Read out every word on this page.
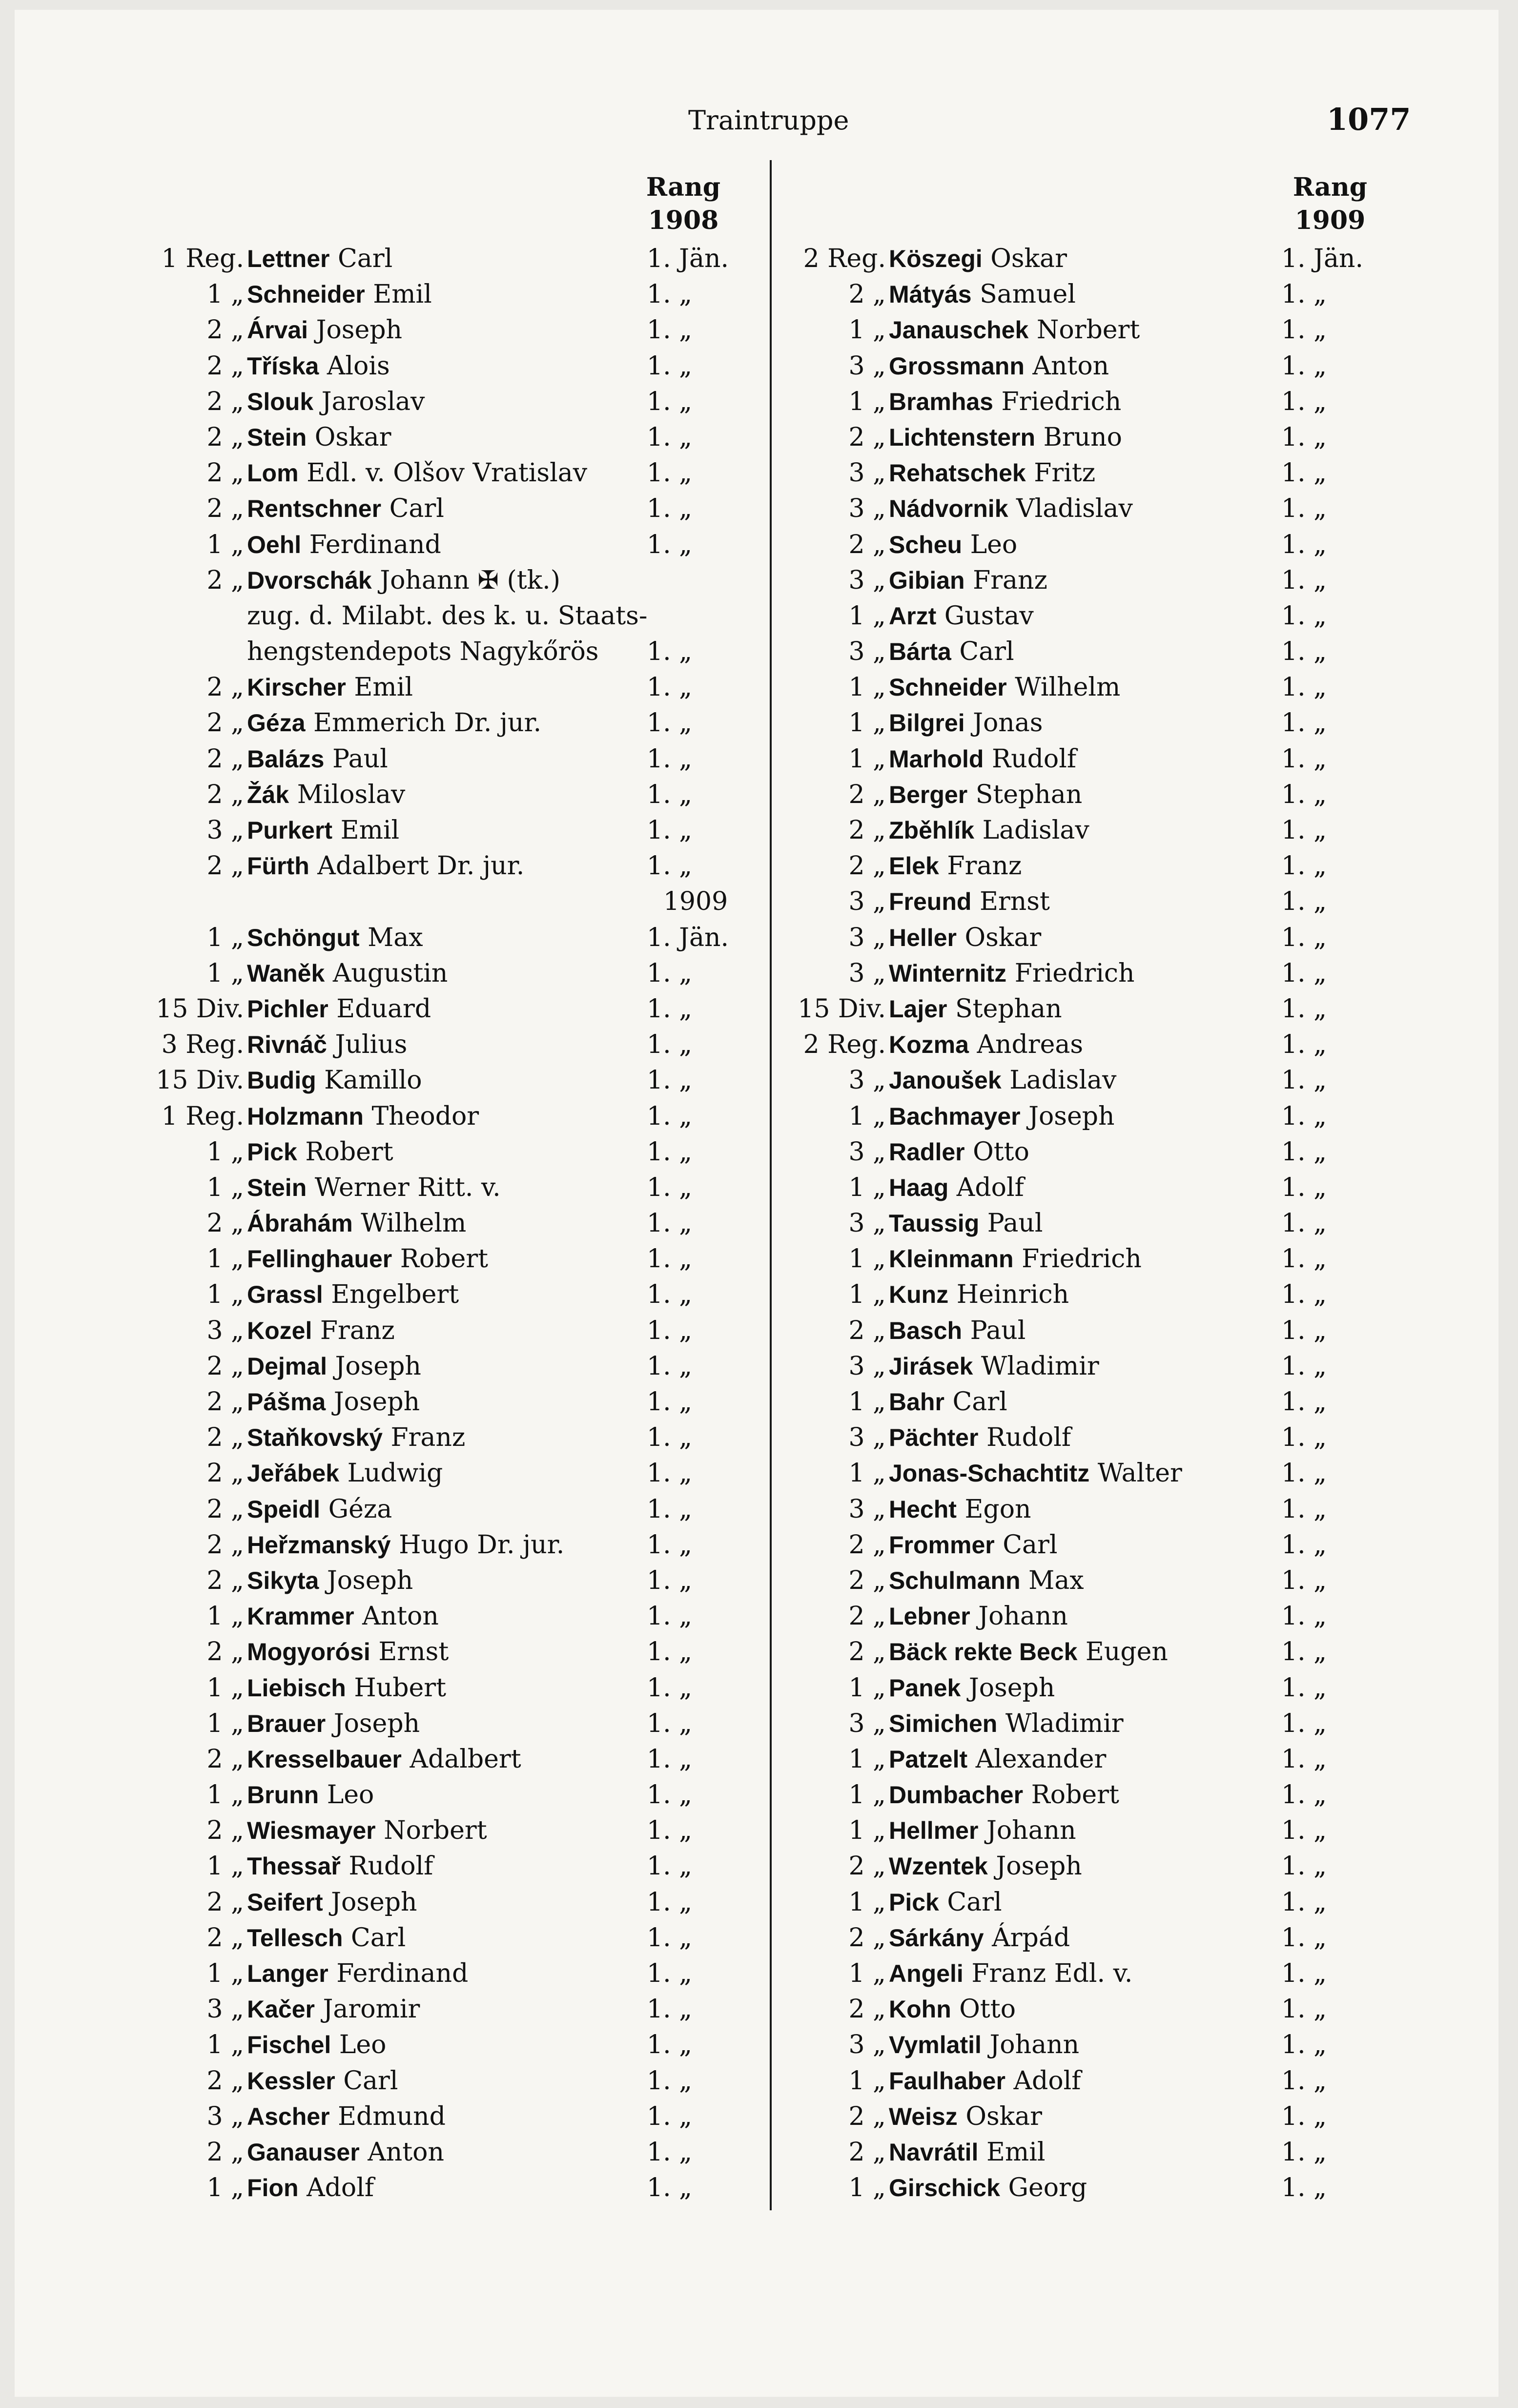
Traintruppe	1077
Rang
1908
Rang
1909
1 Reg. Lettner Carl	1. Jän.
1 „ Schneider Emil	1. „
2 „ Árvai Joseph	1. „
2 „ Tříska Alois	1. „
2 „ Slouk Jaroslav	1. „
2 „ Stein Oskar	1. „
2 „ Lom Edl. v. Olšov Vratislav 1. „
2 „ Rentschner Carl	1. „
1 „ Oehl Ferdinand	1. „
2 „ Dvorschák Johann ✠ (tk.)
zug. d. Milabt. des k. u. Staats-
hengstendepots Nagykőrös 1. „
2 „ Kirscher Emil	1. „
2 „ Géza Emmerich Dr. jur.	1. „
2 „ Balázs Paul	1. „
2 „ Žák Miloslav	1. „
3 „ Purkert Emil	1. „
2 „ Fürth Adalbert Dr. jur.	1. „
1909
1 „ Schöngut Max	1. Jän.
1 „ Waněk Augustin	1. „
15 Div. Pichler Eduard	1. „
3 Reg. Rivnáč Julius	1. „
15 Div. Budig Kamillo	1. „
1 Reg. Holzmann Theodor	1. „
1 „ Pick Robert	1. „
1 „ Stein Werner Ritt. v.	1. „
2 „ Ábrahám Wilhelm	1. „
1 „ Fellinghauer Robert	1. „
1 „ Grassl Engelbert	1. „
3 „ Kozel Franz	1. „
2 „ Dejmal Joseph	1. „
2 „ Pášma Joseph	1. „
2 „ Staňkovský Franz	1. „
2 „ Jeřábek Ludwig	1. „
2 „ Speidl Géza	1. „
2 „ Heřzmanský Hugo Dr. jur.	1. „
2 „ Sikyta Joseph	1. „
1 „ Krammer Anton	1. „
2 „ Mogyorósi Ernst	1. „
1 „ Liebisch Hubert	1. „
1 „ Brauer Joseph	1. „
2 „ Kresselbauer Adalbert	1. „
1 „ Brunn Leo	1. „
2 „ Wiesmayer Norbert	1. „
1 „ Thessař Rudolf	1. „
2 „ Seifert Joseph	1. „
2 „ Tellesch Carl	1. „
1 „ Langer Ferdinand	1. „
3 „ Kačer Jaromir	1. „
1 „ Fischel Leo	1. „
2 „ Kessler Carl	1. „
3 „ Ascher Edmund	1. „
2 „ Ganauser Anton	1. „
1 „ Fion Adolf	1. „
2 Reg. Köszegi Oskar	1. Jän.
2 „ Mátyás Samuel	1. „
1 „ Janauschek Norbert	1. „
3 „ Grossmann Anton	1. „
1 „ Bramhas Friedrich	1. „
2 „ Lichtenstern Bruno	1. „
3 „ Rehatschek Fritz	1. „
3 „ Nádvornik Vladislav	1. „
2 „ Scheu Leo	1. „
3 „ Gibian Franz	1. „
1 „ Arzt Gustav	1. „
3 „ Bárta Carl	1. „
1 „ Schneider Wilhelm	1. „
1 „ Bilgrei Jonas	1. „
1 „ Marhold Rudolf	1. „
2 „ Berger Stephan	1. „
2 „ Zběhlík Ladislav	1. „
2 „ Elek Franz	1. „
3 „ Freund Ernst	1. „
3 „ Heller Oskar	1. „
3 „ Winternitz Friedrich	1. „
15 Div. Lajer Stephan	1. „
2 Reg. Kozma Andreas	1. „
3 „ Janoušek Ladislav	1. „
1 „ Bachmayer Joseph	1. „
3 „ Radler Otto	1. „
1 „ Haag Adolf	1. „
3 „ Taussig Paul	1. „
1 „ Kleinmann Friedrich	1. „
1 „ Kunz Heinrich	1. „
2 „ Basch Paul	1. „
3 „ Jirásek Wladimir	1. „
1 „ Bahr Carl	1. „
3 „ Pächter Rudolf	1. „
1 „ Jonas-Schachtitz Walter	1. „
3 „ Hecht Egon	1. „
2 „ Frommer Carl	1. „
2 „ Schulmann Max	1. „
2 „ Lebner Johann	1. „
2 „ Bäck rekte Beck Eugen	1. „
1 „ Panek Joseph	1. „
3 „ Simichen Wladimir	1. „
1 „ Patzelt Alexander	1. „
1 „ Dumbacher Robert	1. „
1 „ Hellmer Johann	1. „
2 „ Wzentek Joseph	1. „
1 „ Pick Carl	1. „
2 „ Sárkány Árpád	1. „
1 „ Angeli Franz Edl. v.	1. „
2 „ Kohn Otto	1. „
3 „ Vymlatil Johann	1. „
1 „ Faulhaber Adolf	1. „
2 „ Weisz Oskar	1. „
2 „ Navrátil Emil	1. „
1 „ Girschick Georg	1. „
